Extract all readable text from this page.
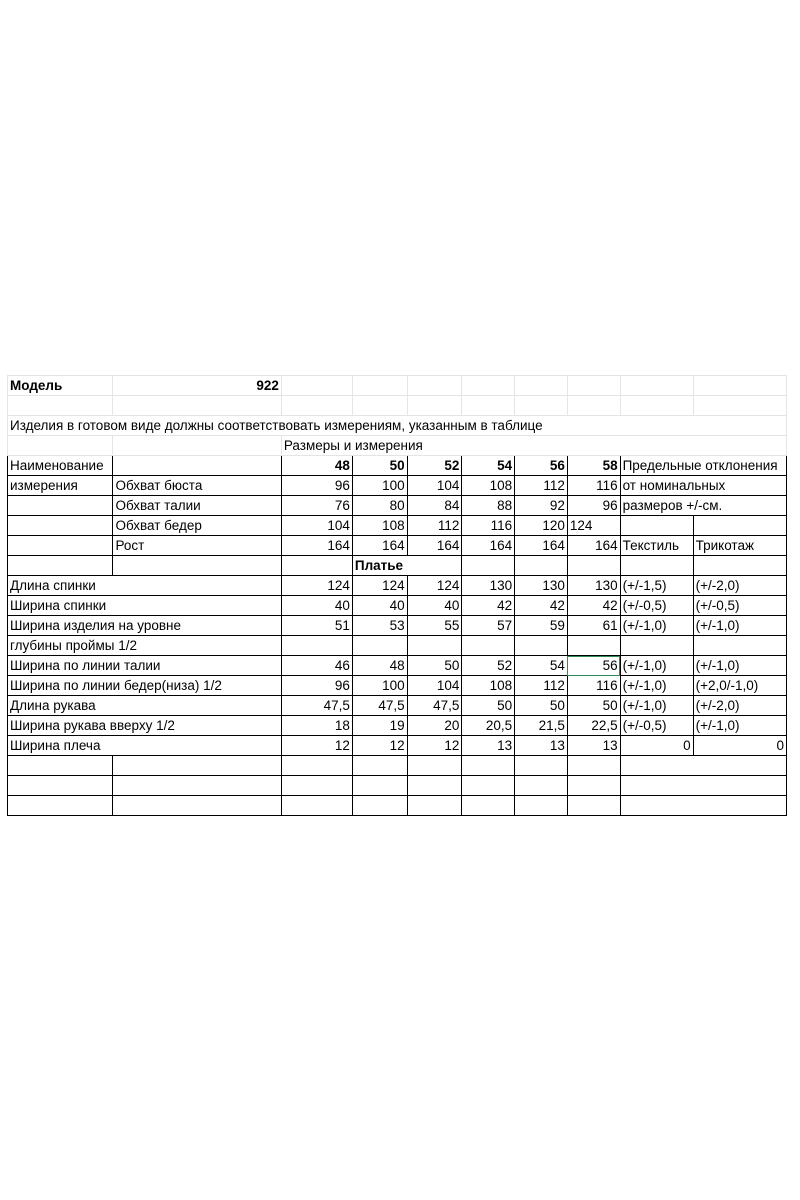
Модель	922								

Изделия в готовом виде должны соответствовать измерениям, указанным в таблице									
		Размеры и измерения							
Наименование		48	50	52	54	56	58	Предельные отклонения	
измерения	Обхват бюста	96	100	104	108	112	116	от номинальных	
	Обхват талии	76	80	84	88	92	96	размеров +/-см.	
	Обхват бедер	104	108	112	116	120	124		
	Рост	164	164	164	164	164	164	Текстиль	Трикотаж
			Платье						
Длина спинки		124	124	124	130	130	130	(+/-1,5)	(+/-2,0)
Ширина спинки		40	40	40	42	42	42	(+/-0,5)	(+/-0,5)
Ширина изделия на уровне		51	53	55	57	59	61	(+/-1,0)	(+/-1,0)
глубины проймы 1/2									
Ширина по линии талии		46	48	50	52	54	56	(+/-1,0)	(+/-1,0)
Ширина по линии бедер(низа) 1/2		96	100	104	108	112	116	(+/-1,0)	(+2,0/-1,0)
Длина рукава		47,5	47,5	47,5	50	50	50	(+/-1,0)	(+/-2,0)
Ширина рукава вверху 1/2		18	19	20	20,5	21,5	22,5	(+/-0,5)	(+/-1,0)
Ширина плеча		12	12	12	13	13	13	0	0
